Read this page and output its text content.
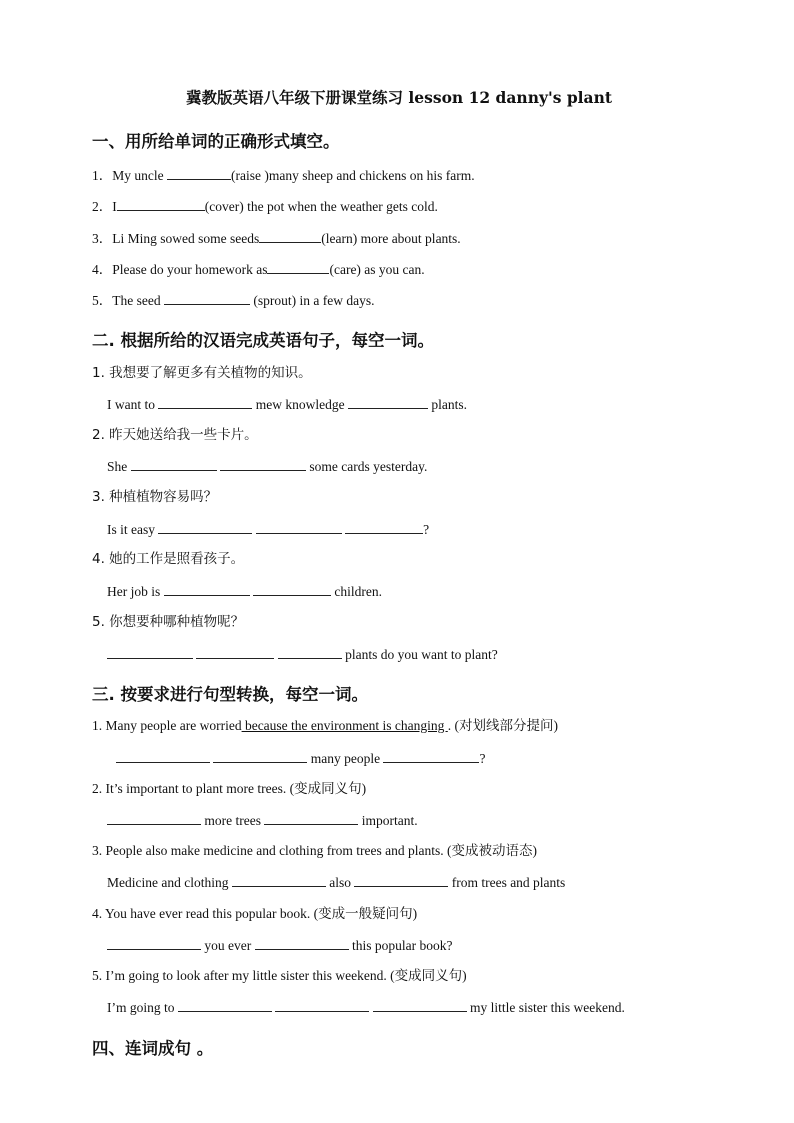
冀教版英语八年级下册课堂练习 lesson 12 danny's plant
一、用所给单词的正确形式填空。
1．My uncle	(raise )many sheep and chickens on his farm.
2．I	(cover) the pot when the weather gets cold.
3．Li Ming sowed some seeds	(learn) more about plants.
4．Please do your homework as	(care) as you can.
5．The seed	(sprout) in a few days.
二. 根据所给的汉语完成英语句子，每空一词。
1. 我想要了解更多有关植物的知识。
I want to	mew knowledge	plants.
2. 昨天她送给我一些卡片。
She	some cards yesterday.
3. 种植植物容易吗？
Is it easy	?
4. 她的工作是照看孩子。
Her job is	children.
5. 你想要种哪种植物呢？
plants do you want to plant?
三. 按要求进行句型转换，每空一词。
1. Many people are worried because the environment is changing . (对划线部分提问)
many people	?
2. It’s important to plant more trees. (变成同义句)
more trees	important.
3. People also make medicine and clothing from trees and plants. (变成被动语态)
Medicine and clothing	also	from trees and plants
4. You have ever read this popular book. (变成一般疑问句)
you ever	this popular book?
5. I’m going to look after my little sister this weekend. (变成同义句)
I’m going to	my little sister this weekend.
四、连词成句 。
